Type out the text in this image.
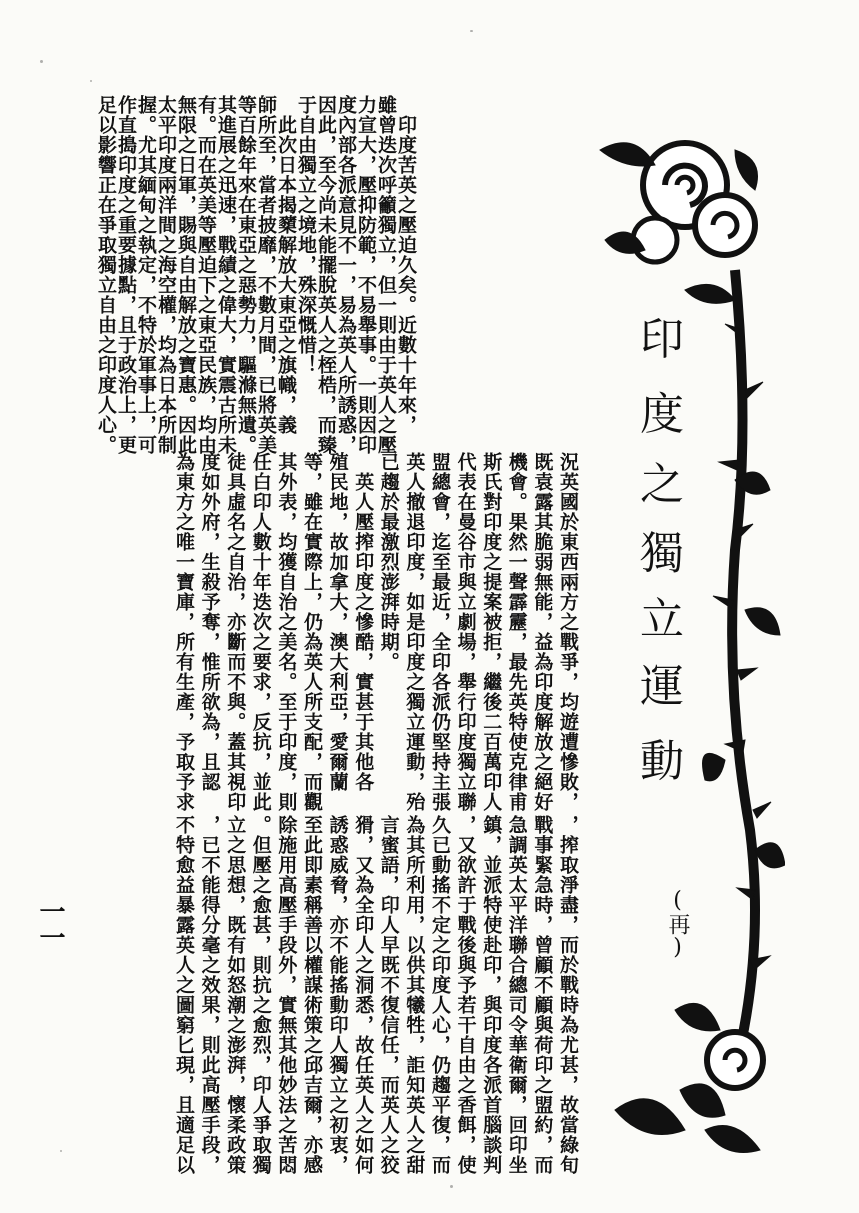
印
度
之
獨
立
運
動
(再)
況英國於東西兩方之戰爭，均遊遭慘敗，
既袁露其脆弱無能，益為印度解放之絕好
機會。果然一聲霹靂，最先英特使克律甫
斯氏對印度之提案被拒，繼後二百萬印人
代表在曼谷市與立劇場，舉行印度獨立聯
盟總會，迄至最近，全印各派仍堅持主張
英人撤退印度，如是印度之獨立運動，殆
已趨於最激烈澎湃時期。
　英人壓搾印度之慘酷，實甚于其他各
殖民地，故加拿大，澳大利亞，愛爾蘭
等，雖在實際上，仍為英人所支配，而觀
其外表，均獲自治之美名。至于印度，則
任白印人數十年迭次之要求，反抗，並此
徒具虛名之自治，亦斷而不與。蓋其視印
度如外府，生殺予奪，惟所欲為，且認
為東方之唯一寶庫，所有生產，予取予求
，搾取淨盡，而於戰時為尤甚，故當綠旬
戰事緊急時，曾顧不顧與荷印之盟約，而
急調英太平洋聯合總司令華衛爾，回印坐
鎮，並派特使赴印，與印度各派首腦談判
，又欲許于戰後與予若干自由之香餌，使
久已動搖不定之印度人心，仍趨平復，而
為其所利用，以供其犧牲，詎知英人之甜
言蜜語，印人早既不復信任，而英人之狡
猾，又為全印人之洞悉，故任英人之如何
誘惑威脅，亦不能搖動印人獨立之初衷，
至此即素稱善以權謀術策之邱吉爾，亦感
除施用高壓手段外，實無其他妙法之苦悶
。但壓之愈甚，則抗之愈烈，印人爭取獨
立之思想，既有如怒潮之澎湃，懷柔政策
，已不能得分毫之效果，則此高壓手段，
不特愈益暴露英人之圖窮匕現，且適足以
　印度苦英之壓迫久矣。近數十年來，
雖曾迭次呼籲獨立，但一則由于英人之壓
力宣大，壓抑防範，不易舉事。一則因印
度內部各派意見不一，易為英人所誘惑，
因此，至今尚未能擺脫英人之桎梏，而臻
于自由獨立之境地，殊深慨惜！
　此次日本揭櫫解放大東亞之旗幟，義
師所至，當者披靡，不數月間，已將英美
等百餘年來在東亞之惡勢力，驅滌無遺。
其進展之迅速，戰績之偉大，實震古所未
有。而在英美等壓迫下之東亞民族，均由
無限之日軍，賜與自由解放之寶惠。因此
太平印度兩洋間之海空權，均為日本所制
握。尤其緬甸之執定，不特於軍事上，可
作直搗印度之重要據點，且于政治上，更
足以影響正在爭取獨立自由之印度人心。
一一
